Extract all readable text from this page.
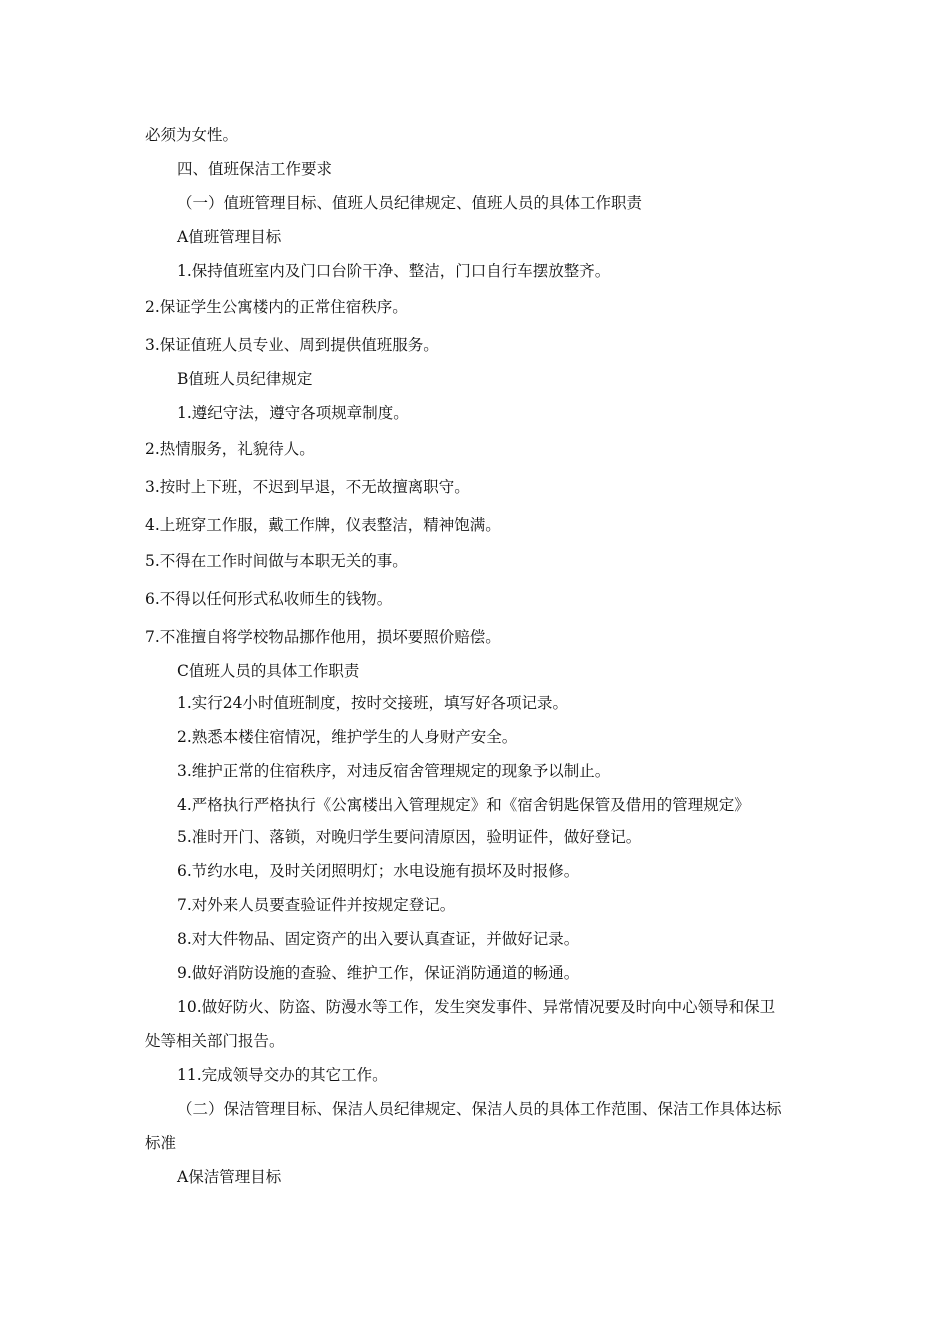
必须为女性。

四、值班保洁工作要求

（一）值班管理目标、值班人员纪律规定、值班人员的具体工作职责

A值班管理目标

1.保持值班室内及门口台阶干净、整洁，门口自行车摆放整齐。

2.保证学生公寓楼内的正常住宿秩序。

3.保证值班人员专业、周到提供值班服务。

B值班人员纪律规定

1.遵纪守法，遵守各项规章制度。

2.热情服务，礼貌待人。

3.按时上下班，不迟到早退，不无故擅离职守。

4.上班穿工作服，戴工作牌，仪表整洁，精神饱满。

5.不得在工作时间做与本职无关的事。

6.不得以任何形式私收师生的钱物。

7.不准擅自将学校物品挪作他用，损坏要照价赔偿。

C值班人员的具体工作职责

1.实行24小时值班制度，按时交接班，填写好各项记录。

2.熟悉本楼住宿情况，维护学生的人身财产安全。

3.维护正常的住宿秩序，对违反宿舍管理规定的现象予以制止。

4.严格执行严格执行《公寓楼出入管理规定》和《宿舍钥匙保管及借用的管理规定》

5.准时开门、落锁，对晚归学生要问清原因，验明证件，做好登记。

6.节约水电，及时关闭照明灯；水电设施有损坏及时报修。

7.对外来人员要查验证件并按规定登记。

8.对大件物品、固定资产的出入要认真查证，并做好记录。

9.做好消防设施的查验、维护工作，保证消防通道的畅通。

10.做好防火、防盗、防漫水等工作，发生突发事件、异常情况要及时向中心领导和保卫

处等相关部门报告。

11.完成领导交办的其它工作。

（二）保洁管理目标、保洁人员纪律规定、保洁人员的具体工作范围、保洁工作具体达标

标准

A保洁管理目标
